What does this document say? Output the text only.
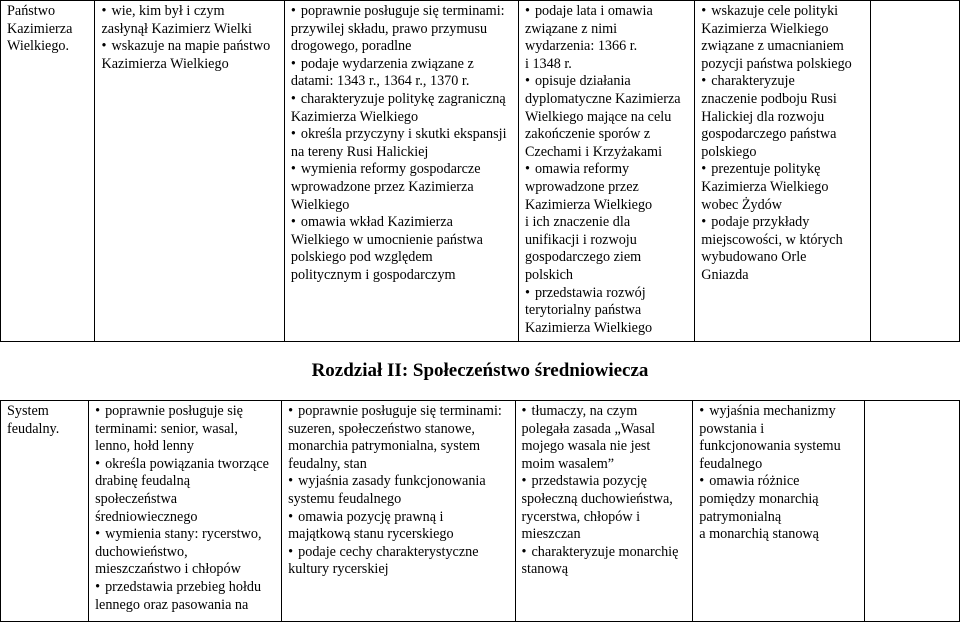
Państwo
Kazimierza
Wielkiego.

• wie, kim był i czym
zasłynął Kazimierz Wielki
• wskazuje na mapie państwo
Kazimierza Wielkiego

• poprawnie posługuje się terminami:
przywilej składu, prawo przymusu
drogowego, poradlne
• podaje wydarzenia związane z
datami: 1343 r., 1364 r., 1370 r.
• charakteryzuje politykę zagraniczną
Kazimierza Wielkiego
• określa przyczyny i skutki ekspansji
na tereny Rusi Halickiej
• wymienia reformy gospodarcze
wprowadzone przez Kazimierza
Wielkiego
• omawia wkład Kazimierza
Wielkiego w umocnienie państwa
polskiego pod względem
politycznym i gospodarczym

• podaje lata i omawia
związane z nimi
wydarzenia: 1366 r.
i 1348 r.
• opisuje działania
dyplomatyczne Kazimierza
Wielkiego mające na celu
zakończenie sporów z
Czechami i Krzyżakami
• omawia reformy
wprowadzone przez
Kazimierza Wielkiego
i ich znaczenie dla
unifikacji i rozwoju
gospodarczego ziem
polskich
• przedstawia rozwój
terytorialny państwa
Kazimierza Wielkiego

• wskazuje cele polityki
Kazimierza Wielkiego
związane z umacnianiem
pozycji państwa polskiego
• charakteryzuje
znaczenie podboju Rusi
Halickiej dla rozwoju
gospodarczego państwa
polskiego
• prezentuje politykę
Kazimierza Wielkiego
wobec Żydów
• podaje przykłady
miejscowości, w których
wybudowano Orle
Gniazda

Rozdział II: Społeczeństwo średniowiecza
System
feudalny.

• poprawnie posługuje się
terminami: senior, wasal,
lenno, hołd lenny
• określa powiązania tworzące
drabinę feudalną
społeczeństwa
średniowiecznego
• wymienia stany: rycerstwo,
duchowieństwo,
mieszczaństwo i chłopów
• przedstawia przebieg hołdu
lennego oraz pasowania na

• poprawnie posługuje się terminami:
suzeren, społeczeństwo stanowe,
monarchia patrymonialna, system
feudalny, stan
• wyjaśnia zasady funkcjonowania
systemu feudalnego
• omawia pozycję prawną i
majątkową stanu rycerskiego
• podaje cechy charakterystyczne
kultury rycerskiej

• tłumaczy, na czym
polegała zasada „Wasal
mojego wasala nie jest
moim wasalem”
• przedstawia pozycję
społeczną duchowieństwa,
rycerstwa, chłopów i
mieszczan
• charakteryzuje monarchię
stanową

• wyjaśnia mechanizmy
powstania i
funkcjonowania systemu
feudalnego
• omawia różnice
pomiędzy monarchią
patrymonialną
a monarchią stanową
